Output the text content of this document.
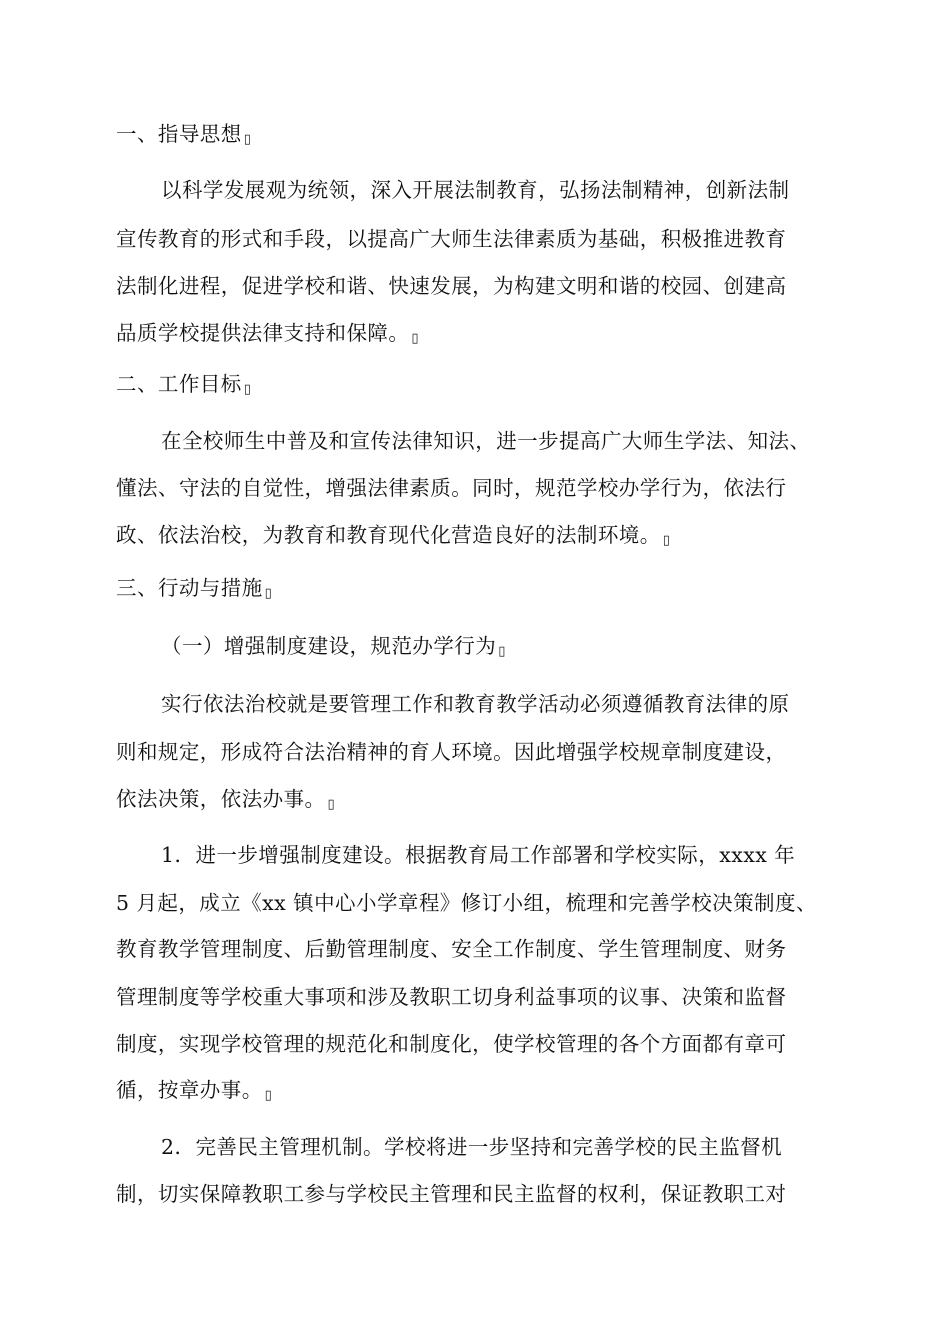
一、指导思想 ▯
以科学发展观为统领，深入开展法制教育，弘扬法制精神，创新法制
宣传教育的形式和手段，以提高广大师生法律素质为基础，积极推进教育
法制化进程，促进学校和谐、快速发展，为构建文明和谐的校园、创建高
品质学校提供法律支持和保障。 ▯
二、工作目标 ▯
在全校师生中普及和宣传法律知识，进一步提高广大师生学法、知法、
懂法、守法的自觉性，增强法律素质。同时，规范学校办学行为，依法行
政、依法治校，为教育和教育现代化营造良好的法制环境。 ▯
三、行动与措施 ▯
（一）增强制度建设，规范办学行为 ▯
实行依法治校就是要管理工作和教育教学活动必须遵循教育法律的原
则和规定，形成符合法治精神的育人环境。因此增强学校规章制度建设，
依法决策，依法办事。 ▯
1．进一步增强制度建设。根据教育局工作部署和学校实际，xxxx 年
5 月起，成立《xx 镇中心小学章程》修订小组，梳理和完善学校决策制度、
教育教学管理制度、后勤管理制度、安全工作制度、学生管理制度、财务
管理制度等学校重大事项和涉及教职工切身利益事项的议事、决策和监督
制度，实现学校管理的规范化和制度化，使学校管理的各个方面都有章可
循，按章办事。 ▯
2．完善民主管理机制。学校将进一步坚持和完善学校的民主监督机
制，切实保障教职工参与学校民主管理和民主监督的权利，保证教职工对
